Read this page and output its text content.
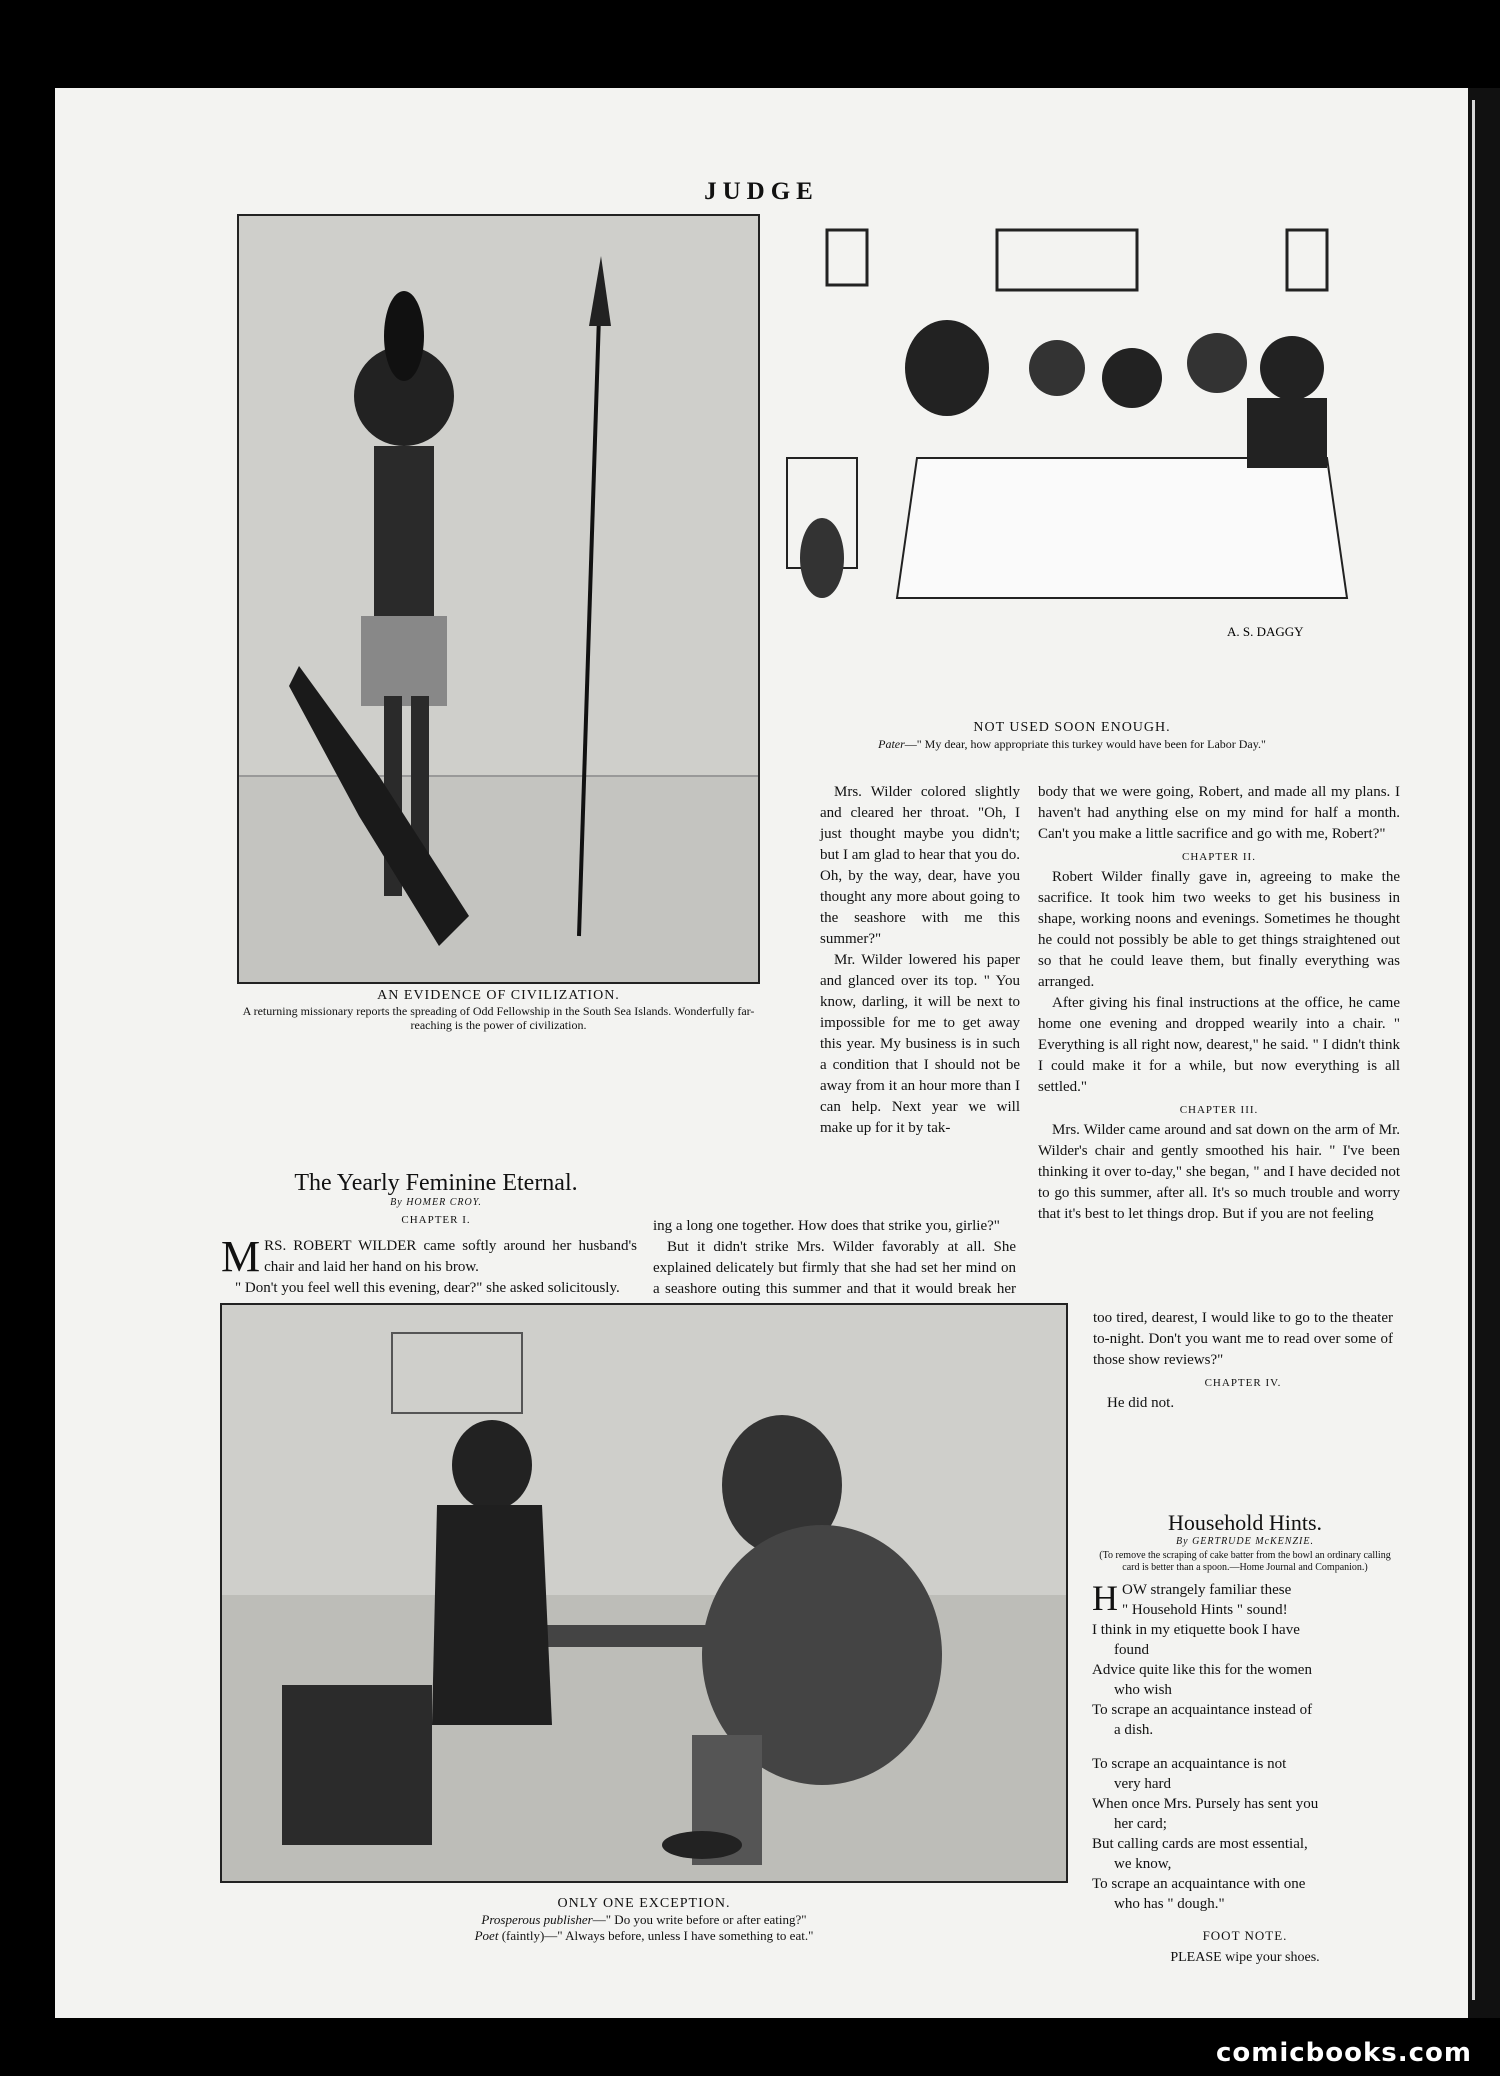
JUDGE
AN EVIDENCE OF CIVILIZATION.
A returning missionary reports the spreading of Odd Fellowship in the South Sea Islands. Wonderfully far-reaching is the power of civilization.
A. S. DAGGY
NOT USED SOON ENOUGH.
Pater—" My dear, how appropriate this turkey would have been for Labor Day."
The Yearly Feminine Eternal.
By HOMER CROY.
CHAPTER I.

MRS. ROBERT WILDER came softly around her husband's chair and laid her hand on his brow.

" Don't you feel well this evening, dear?" she asked solicitously.

ing a long one together. How does that strike you, girlie?"

But it didn't strike Mrs. Wilder favorably at all. She explained delicately but firmly that she had set her mind on a seashore outing this summer and that it would break her

Mrs. Wilder colored slightly and cleared her throat. "Oh, I just thought maybe you didn't; but I am glad to hear that you do. Oh, by the way, dear, have you thought any more about going to the seashore with me this summer?"

Mr. Wilder lowered his paper and glanced over its top. " You know, darling, it will be next to impossible for me to get away this year. My business is in such a condition that I should not be away from it an hour more than I can help. Next year we will make up for it by tak-

body that we were going, Robert, and made all my plans. I haven't had anything else on my mind for half a month. Can't you make a little sacrifice and go with me, Robert?"

CHAPTER II.

Robert Wilder finally gave in, agreeing to make the sacrifice. It took him two weeks to get his business in shape, working noons and evenings. Sometimes he thought he could not possibly be able to get things straightened out so that he could leave them, but finally everything was arranged.

After giving his final instructions at the office, he came home one evening and dropped wearily into a chair. " Everything is all right now, dearest," he said. " I didn't think I could make it for a while, but now everything is all settled."

CHAPTER III.

Mrs. Wilder came around and sat down on the arm of Mr. Wilder's chair and gently smoothed his hair. " I've been thinking it over to-day," she began, " and I have decided not to go this summer, after all. It's so much trouble and worry that it's best to let things drop. But if you are not feeling

too tired, dearest, I would like to go to the theater to-night. Don't you want me to read over some of those show reviews?"

CHAPTER IV.

He did not.

ONLY ONE EXCEPTION.
Prosperous publisher—" Do you write before or after eating?"
Poet (faintly)—" Always before, unless I have something to eat."
Household Hints.
By GERTRUDE McKENZIE.
(To remove the scraping of cake batter from the bowl an ordinary calling card is better than a spoon.—Home Journal and Companion.)

HOW strangely familiar these

" Household Hints " sound!

I think in my etiquette book I have

found

Advice quite like this for the women

who wish

To scrape an acquaintance instead of

a dish.

To scrape an acquaintance is not

very hard

When once Mrs. Pursely has sent you

her card;

But calling cards are most essential,

we know,

To scrape an acquaintance with one

who has " dough."

FOOT NOTE.
PLEASE wipe your shoes.
comicbooks.com
